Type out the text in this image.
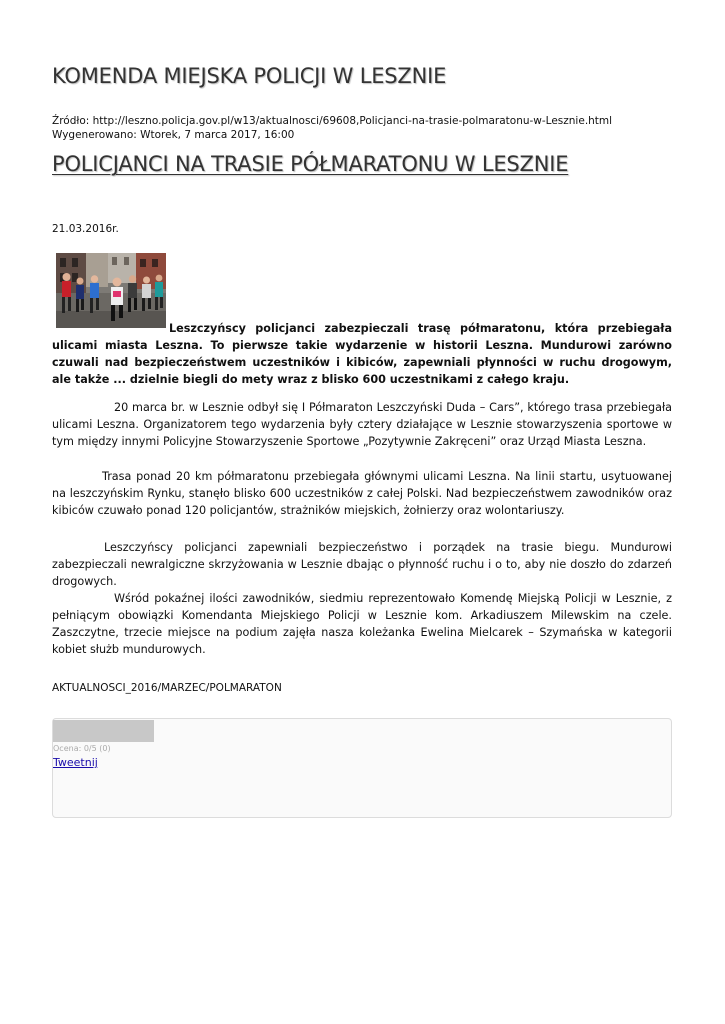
KOMENDA MIEJSKA POLICJI W LESZNIE
Źródło: http://leszno.policja.gov.pl/w13/aktualnosci/69608,Policjanci-na-trasie-polmaratonu-w-Lesznie.html
Wygenerowano: Wtorek, 7 marca 2017, 16:00
POLICJANCI NA TRASIE PÓŁMARATONU W LESZNIE
21.03.2016r.

Leszczyńscy policjanci zabezpieczali trasę półmaratonu, która przebiegała ulicami miasta Leszna. To pierwsze takie wydarzenie w historii Leszna. Mundurowi zarówno czuwali nad bezpieczeństwem uczestników i kibiców, zapewniali płynności w ruchu drogowym, ale także ... dzielnie biegli do mety wraz z blisko 600 uczestnikami z całego kraju.

20 marca br. w Lesznie odbył się I Półmaraton Leszczyński Duda – Cars”, którego trasa przebiegała ulicami Leszna. Organizatorem tego wydarzenia były cztery działające w Lesznie stowarzyszenia sportowe w tym między innymi Policyjne Stowarzyszenie Sportowe „Pozytywnie Zakręceni” oraz Urząd Miasta Leszna.

Trasa ponad 20 km półmaratonu przebiegała głównymi ulicami Leszna. Na linii startu, usytuowanej na leszczyńskim Rynku, stanęło blisko 600 uczestników z całej Polski. Nad bezpieczeństwem zawodników oraz kibiców czuwało ponad 120 policjantów, strażników miejskich, żołnierzy oraz wolontariuszy.

Leszczyńscy policjanci zapewniali bezpieczeństwo i porządek na trasie biegu. Mundurowi zabezpieczali newralgiczne skrzyżowania w Lesznie dbając o płynność ruchu i o to, aby nie doszło do zdarzeń drogowych.

Wśród pokaźnej ilości zawodników, siedmiu reprezentowało Komendę Miejską Policji w Lesznie, z pełniącym obowiązki Komendanta Miejskiego Policji w Lesznie kom. Arkadiuszem Milewskim na czele. Zaszczytne, trzecie miejsce na podium zajęła nasza koleżanka Ewelina Mielcarek – Szymańska w kategorii kobiet służb mundurowych.

AKTUALNOSCI_2016/MARZEC/POLMARATON
Ocena: 0/5 (0)
Tweetnij
